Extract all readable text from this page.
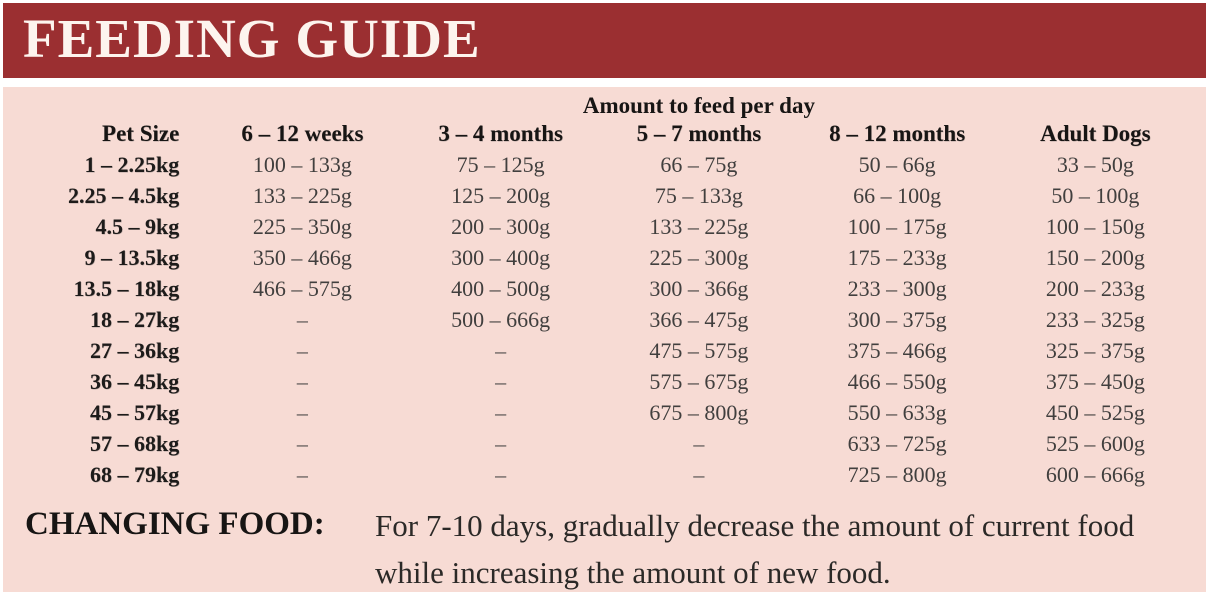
FEEDING GUIDE
	Amount to feed per day				
Pet Size	6 – 12 weeks	3 – 4 months	5 – 7 months	8 – 12 months	Adult Dogs
1 – 2.25kg	100 – 133g	75 – 125g	66 – 75g	50 – 66g	33 – 50g
2.25 – 4.5kg	133 – 225g	125 – 200g	75 – 133g	66 – 100g	50 – 100g
4.5 – 9kg	225 – 350g	200 – 300g	133 – 225g	100 – 175g	100 – 150g
9 – 13.5kg	350 – 466g	300 – 400g	225 – 300g	175 – 233g	150 – 200g
13.5 – 18kg	466 – 575g	400 – 500g	300 – 366g	233 – 300g	200 – 233g
18 – 27kg	–	500 – 666g	366 – 475g	300 – 375g	233 – 325g
27 – 36kg	–	–	475 – 575g	375 – 466g	325 – 375g
36 – 45kg	–	–	575 – 675g	466 – 550g	375 – 450g
45 – 57kg	–	–	675 – 800g	550 – 633g	450 – 525g
57 – 68kg	–	–	–	633 – 725g	525 – 600g
68 – 79kg	–	–	–	725 – 800g	600 – 666g
CHANGING FOOD:	For 7-10 days, gradually decrease the amount of current food
while increasing the amount of new food.
